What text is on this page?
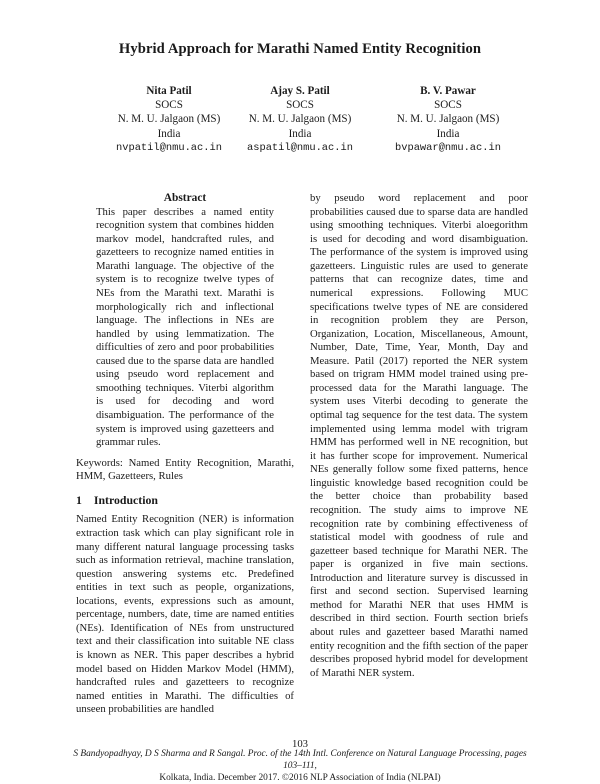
Hybrid Approach for Marathi Named Entity Recognition
Nita Patil
SOCS
N. M. U. Jalgaon (MS)
India
nvpatil@nmu.ac.in
Ajay S. Patil
SOCS
N. M. U. Jalgaon (MS)
India
aspatil@nmu.ac.in
B. V. Pawar
SOCS
N. M. U. Jalgaon (MS)
India
bvpawar@nmu.ac.in

Abstract

This paper describes a named entity recognition system that combines hidden markov model, handcrafted rules, and gazetteers to recognize named entities in Marathi language. The objective of the system is to recognize twelve types of NEs from the Marathi text. Marathi is morphologically rich and inflectional language. The inflections in NEs are handled by using lemmatization. The difficulties of zero and poor probabilities caused due to the sparse data are handled using pseudo word replacement and smoothing techniques. Viterbi algorithm is used for decoding and word disambiguation. The performance of the system is improved using gazetteers and grammar rules.

Keywords: Named Entity Recognition, Marathi, HMM, Gazetteers, Rules

1 Introduction

Named Entity Recognition (NER) is information extraction task which can play significant role in many different natural language processing tasks such as information retrieval, machine translation, question answering systems etc. Predefined entities in text such as people, organizations, locations, events, expressions such as amount, percentage, numbers, date, time are named entities (NEs). Identification of NEs from unstructured text and their classification into suitable NE class is known as NER. This paper describes a hybrid model based on Hidden Markov Model (HMM), handcrafted rules and gazetteers to recognize named entities in Marathi. The difficulties of unseen probabilities are handled

by pseudo word replacement and poor probabilities caused due to sparse data are handled using smoothing techniques. Viterbi aloegorithm is used for decoding and word disambiguation. The performance of the system is improved using gazetteers. Linguistic rules are used to generate patterns that can recognize dates, time and numerical expressions. Following MUC specifications twelve types of NE are considered in recognition problem they are Person, Organization, Location, Miscellaneous, Amount, Number, Date, Time, Year, Month, Day and Measure. Patil (2017) reported the NER system based on trigram HMM model trained using pre-processed data for the Marathi language. The system uses Viterbi decoding to generate the optimal tag sequence for the test data. The system implemented using lemma model with trigram HMM has performed well in NE recognition, but it has further scope for improvement. Numerical NEs generally follow some fixed patterns, hence linguistic knowledge based recognition could be the better choice than probability based recognition. The study aims to improve NE recognition rate by combining effectiveness of statistical model with goodness of rule and gazetteer based technique for Marathi NER. The paper is organized in five main sections. Introduction and literature survey is discussed in first and second section. Supervised learning method for Marathi NER that uses HMM is described in third section. Fourth section briefs about rules and gazetteer based Marathi named entity recognition and the fifth section of the paper describes proposed hybrid model for development of Marathi NER system.

103
S Bandyopadhyay, D S Sharma and R Sangal. Proc. of the 14th Intl. Conference on Natural Language Processing, pages 103–111,
Kolkata, India. December 2017. ©2016 NLP Association of India (NLPAI)
